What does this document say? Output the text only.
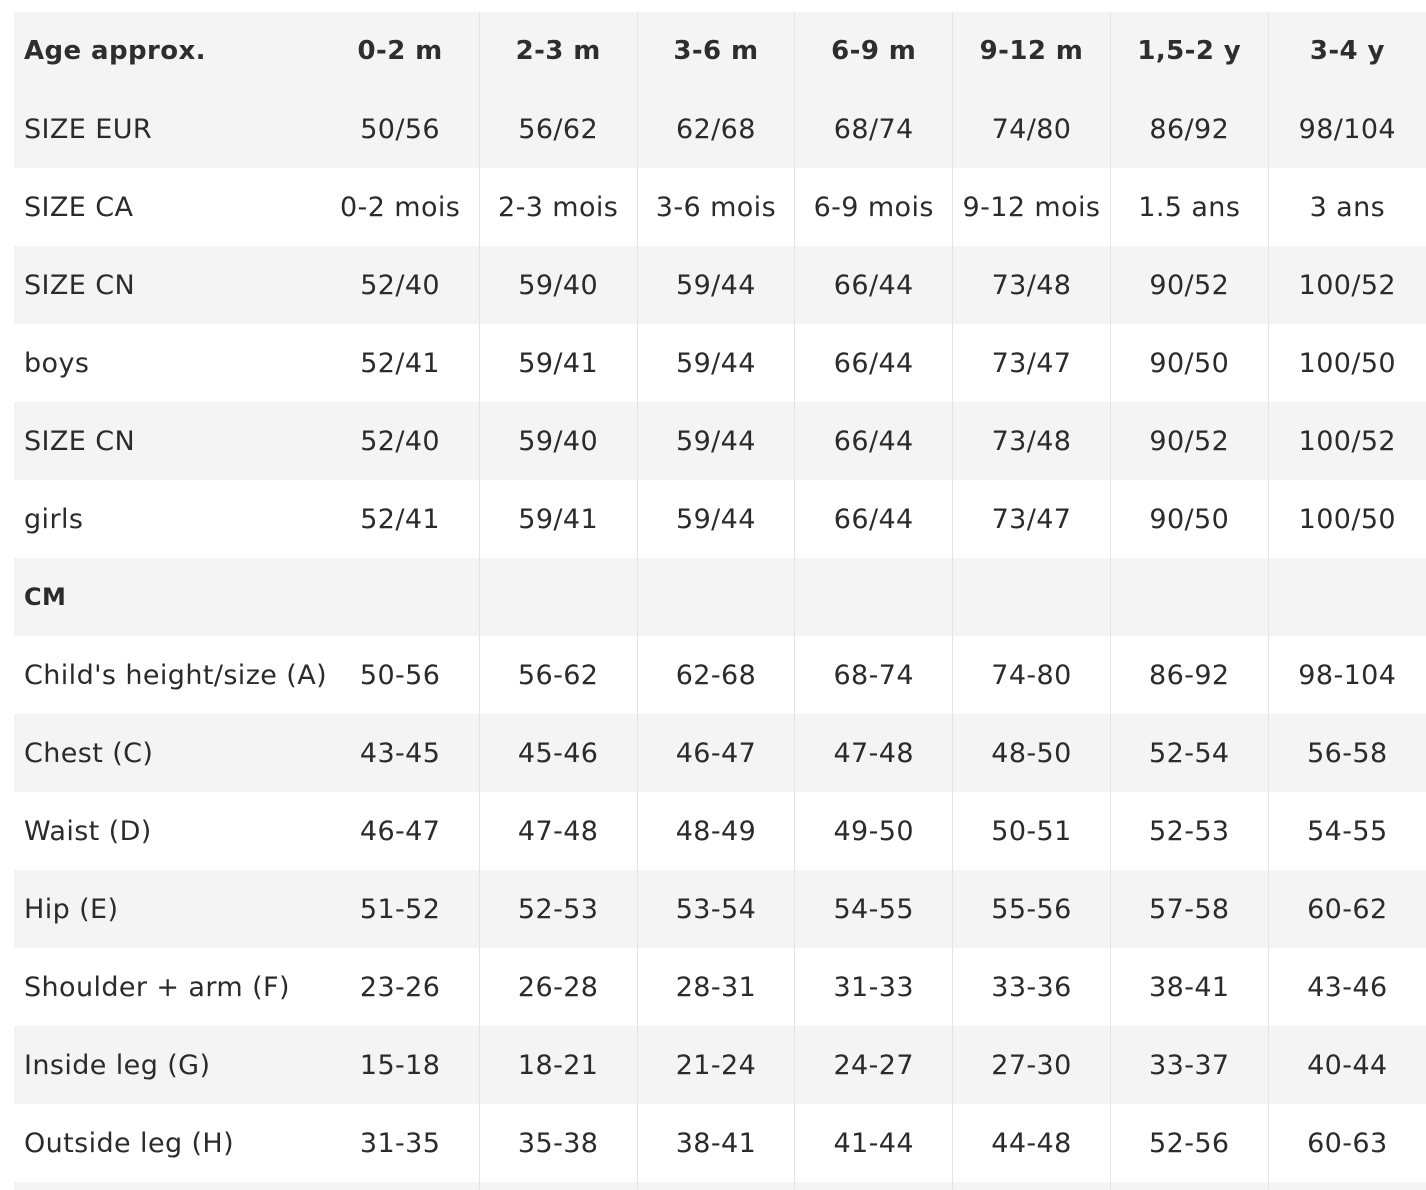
Age approx.	0-2 m	2-3 m	3-6 m	6-9 m	9-12 m	1,5-2 y	3-4 y
SIZE EUR	50/56	56/62	62/68	68/74	74/80	86/92	98/104
SIZE CA	0-2 mois	2-3 mois	3-6 mois	6-9 mois	9-12 mois	1.5 ans	3 ans
SIZE CN	52/40	59/40	59/44	66/44	73/48	90/52	100/52
boys	52/41	59/41	59/44	66/44	73/47	90/50	100/50
SIZE CN	52/40	59/40	59/44	66/44	73/48	90/52	100/52
girls	52/41	59/41	59/44	66/44	73/47	90/50	100/50
CM							
Child's height/size (A)	50-56	56-62	62-68	68-74	74-80	86-92	98-104
Chest (C)	43-45	45-46	46-47	47-48	48-50	52-54	56-58
Waist (D)	46-47	47-48	48-49	49-50	50-51	52-53	54-55
Hip (E)	51-52	52-53	53-54	54-55	55-56	57-58	60-62
Shoulder + arm (F)	23-26	26-28	28-31	31-33	33-36	38-41	43-46
Inside leg (G)	15-18	18-21	21-24	24-27	27-30	33-37	40-44
Outside leg (H)	31-35	35-38	38-41	41-44	44-48	52-56	60-63
